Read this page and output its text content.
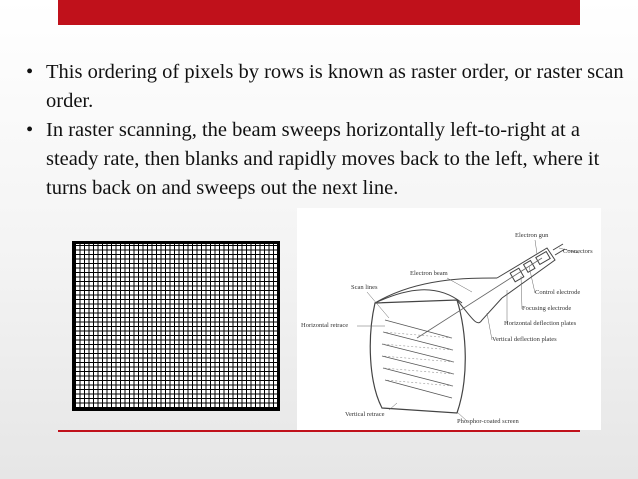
• This ordering of pixels by rows is known as raster order, or raster scan order.
• In raster scanning, the beam sweeps horizontally left-to-right at a steady rate, then blanks and rapidly moves back to the left, where it turns back on and sweeps out the next line.
Electron gun
Connectors
Electron beam
Scan lines
Control electrode
Focusing electrode
Horizontal retrace	Horizontal deflection plates
Vertical deflection plates
Vertical retrace
Phosphor-coated screen
